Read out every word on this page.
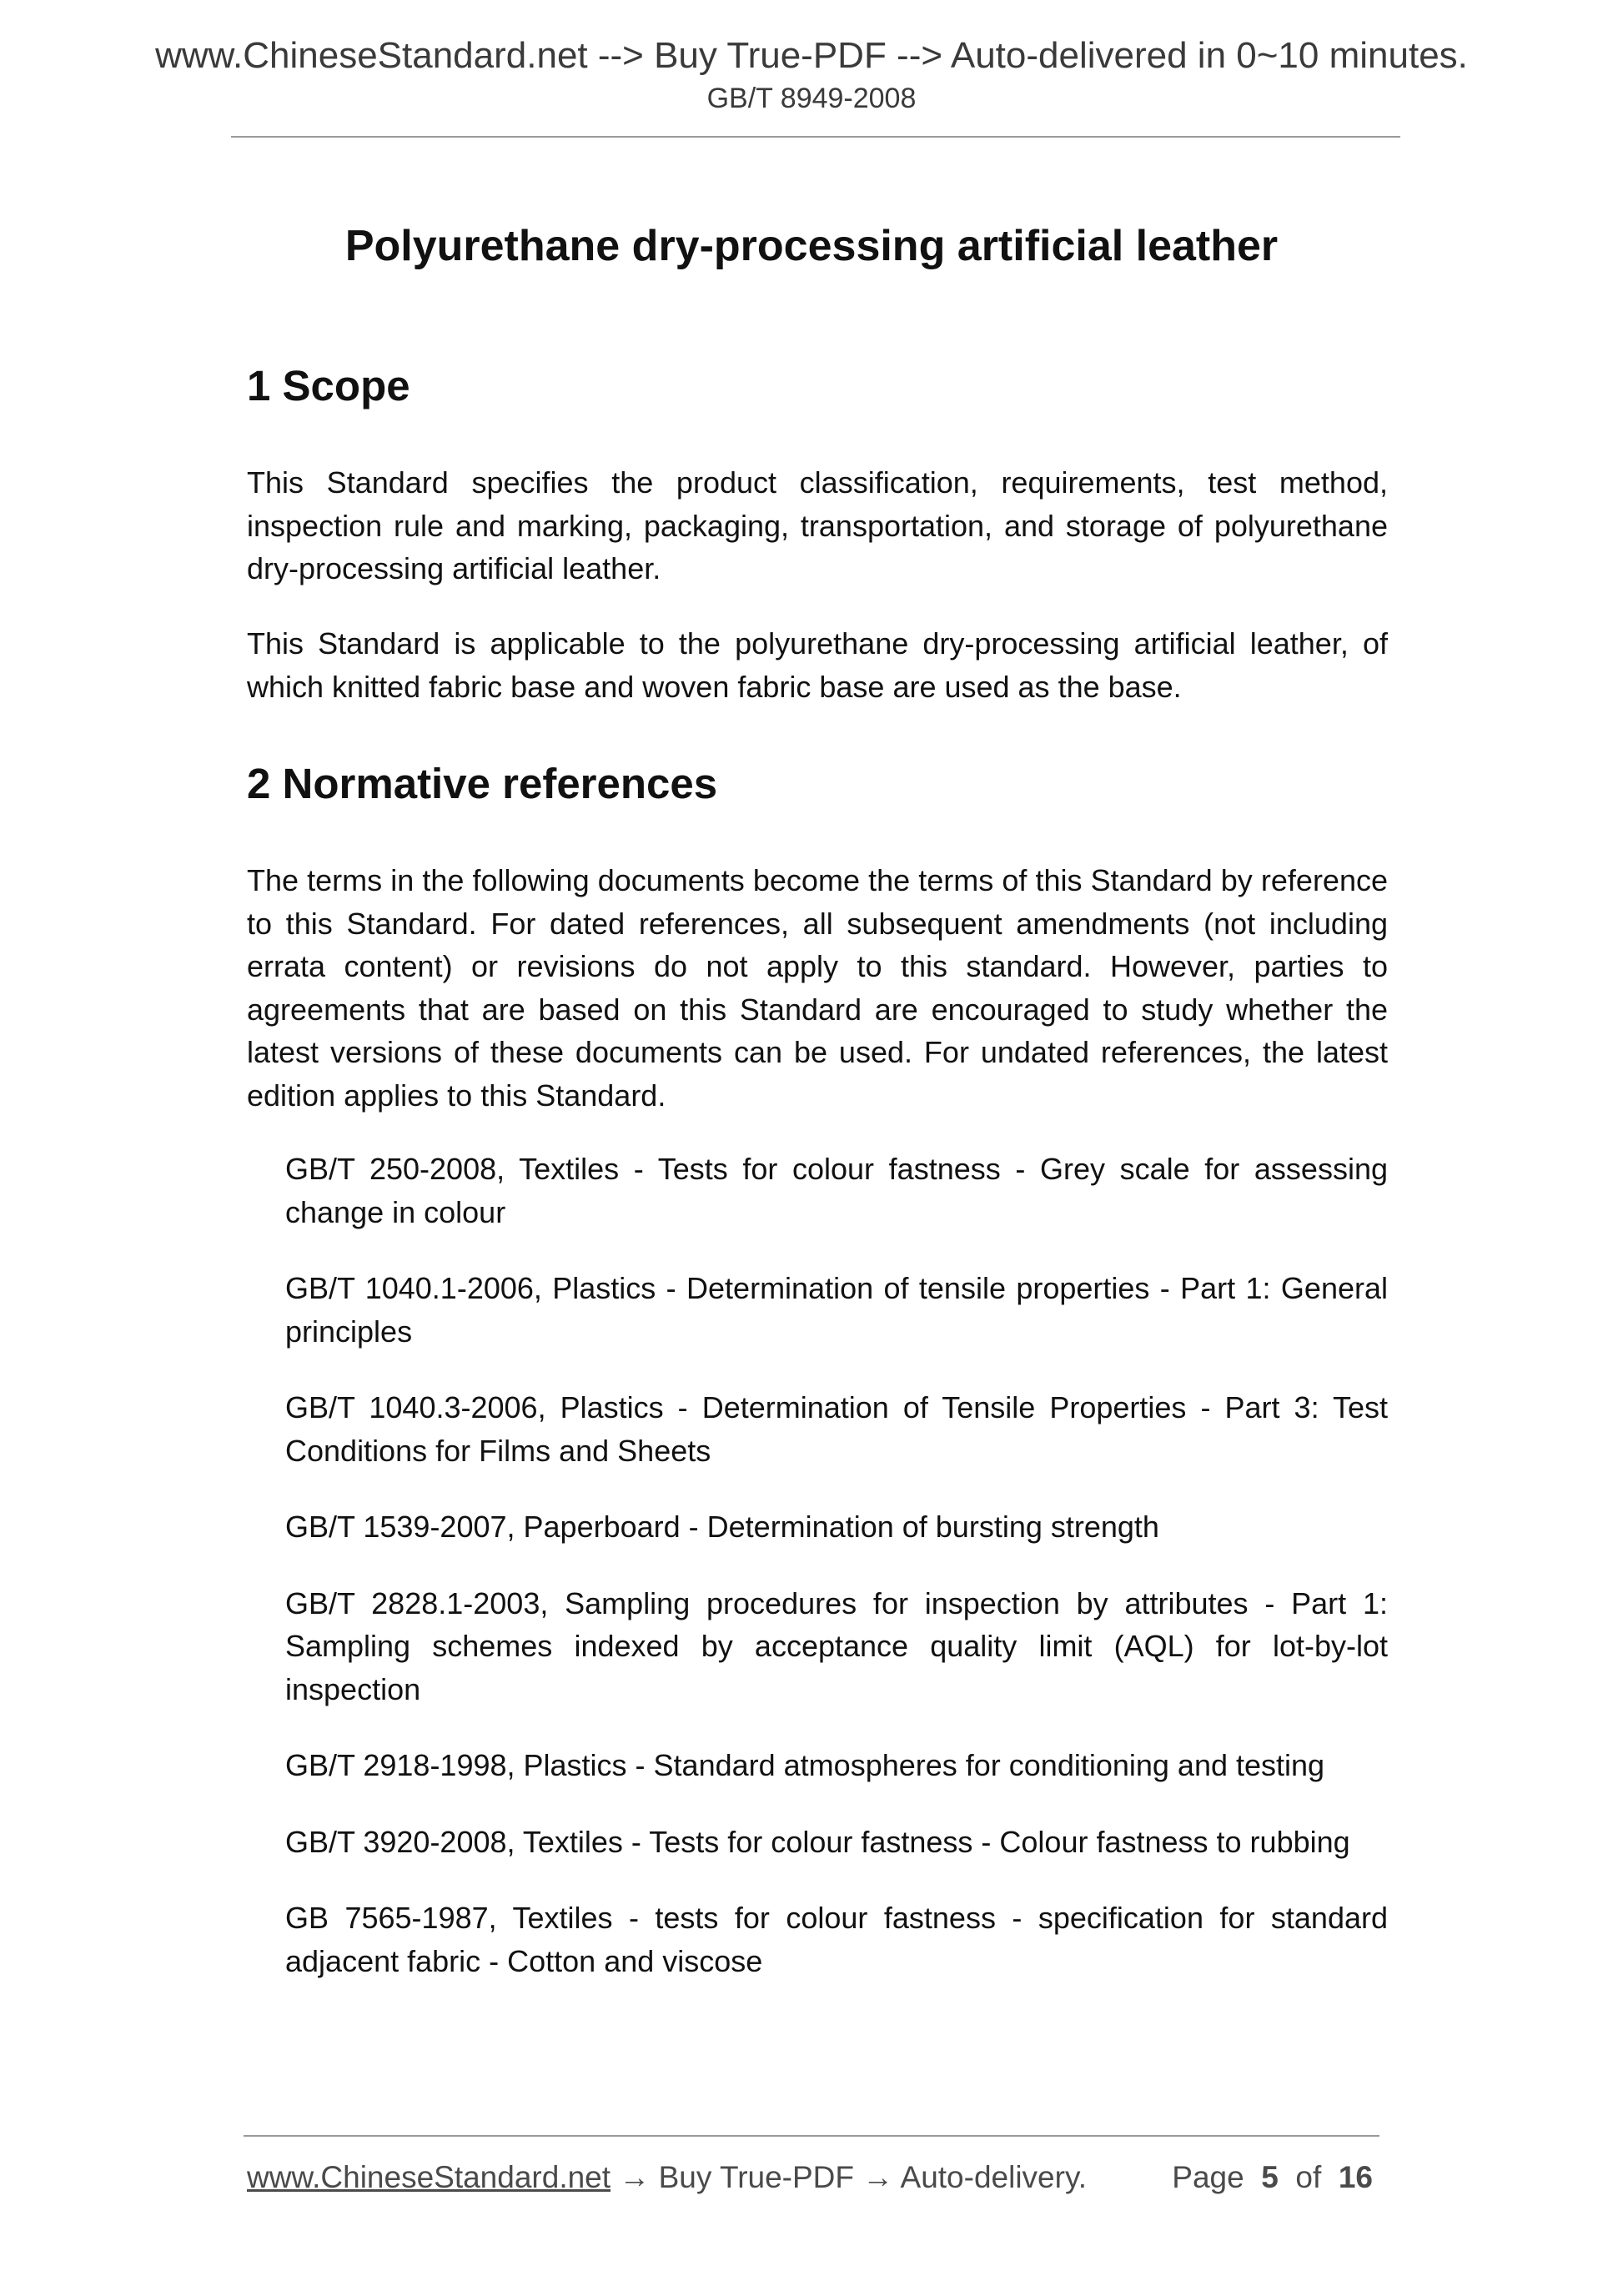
www.ChineseStandard.net --> Buy True-PDF --> Auto-delivered in 0~10 minutes.
GB/T 8949-2008
Polyurethane dry-processing artificial leather
1 Scope

This Standard specifies the product classification, requirements, test method, inspection rule and marking, packaging, transportation, and storage of polyurethane dry-processing artificial leather.

This Standard is applicable to the polyurethane dry-processing artificial leather, of which knitted fabric base and woven fabric base are used as the base.

2 Normative references

The terms in the following documents become the terms of this Standard by reference to this Standard. For dated references, all subsequent amendments (not including errata content) or revisions do not apply to this standard. However, parties to agreements that are based on this Standard are encouraged to study whether the latest versions of these documents can be used. For undated references, the latest edition applies to this Standard.

GB/T 250-2008, Textiles - Tests for colour fastness - Grey scale for assessing change in colour
GB/T 1040.1-2006, Plastics - Determination of tensile properties - Part 1: General principles
GB/T 1040.3-2006, Plastics - Determination of Tensile Properties - Part 3: Test Conditions for Films and Sheets
GB/T 1539-2007, Paperboard - Determination of bursting strength
GB/T 2828.1-2003, Sampling procedures for inspection by attributes - Part 1: Sampling schemes indexed by acceptance quality limit (AQL) for lot-by-lot inspection
GB/T 2918-1998, Plastics - Standard atmospheres for conditioning and testing
GB/T 3920-2008, Textiles - Tests for colour fastness - Colour fastness to rubbing
GB 7565-1987, Textiles - tests for colour fastness - specification for standard adjacent fabric - Cotton and viscose
www.ChineseStandard.net → Buy True-PDF → Auto-delivery.	Page 5 of 16
